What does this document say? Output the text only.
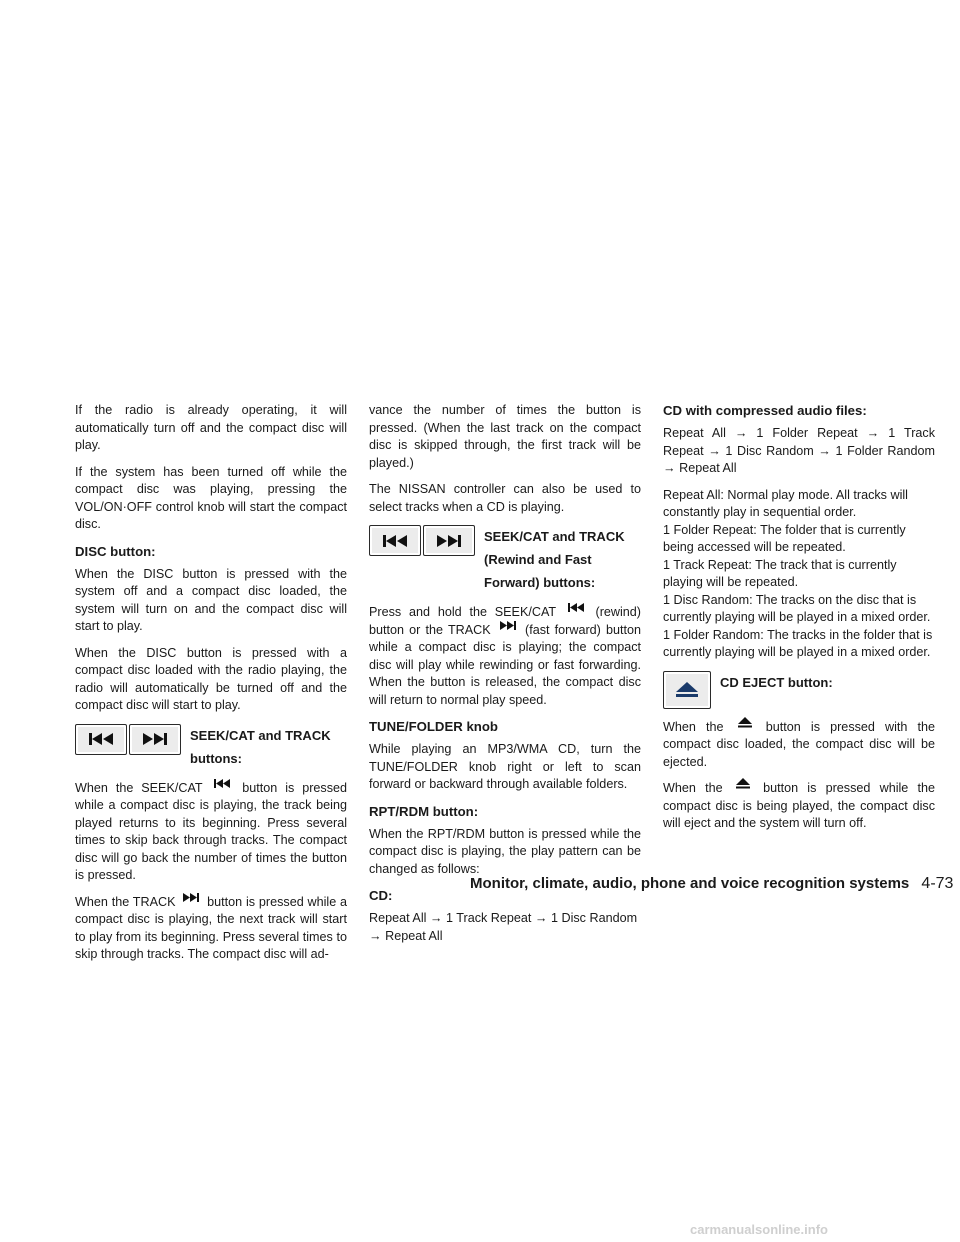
If the radio is already operating, it will automatically turn off and the compact disc will play.

If the system has been turned off while the compact disc was playing, pressing the VOL/ON·OFF control knob will start the compact disc.

DISC button:

When the DISC button is pressed with the system off and a compact disc loaded, the system will turn on and the compact disc will start to play.

When the DISC button is pressed with a compact disc loaded with the radio playing, the radio will automatically be turned off and the compact disc will start to play.

SEEK/CAT and TRACK
buttons:

When the SEEK/CAT	button is pressed while a compact disc is playing, the track being played returns to its beginning. Press several times to skip back through tracks. The compact disc will go back the number of times the button is pressed.

When the TRACK	button is pressed while a compact disc is playing, the next track will start to play from its beginning. Press several times to skip through tracks. The compact disc will ad-

vance the number of times the button is pressed. (When the last track on the compact disc is skipped through, the first track will be played.)

The NISSAN controller can also be used to select tracks when a CD is playing.

SEEK/CAT and TRACK
(Rewind and Fast
Forward) buttons:

Press and hold the SEEK/CAT	(rewind) button or the TRACK	(fast forward) button while a compact disc is playing; the compact disc will play while rewinding or fast forwarding. When the button is released, the compact disc will return to normal play speed.

TUNE/FOLDER knob

While playing an MP3/WMA CD, turn the TUNE/FOLDER knob right or left to scan forward or backward through available folders.

RPT/RDM button:

When the RPT/RDM button is pressed while the compact disc is playing, the play pattern can be changed as follows:

CD:

Repeat All → 1 Track Repeat → 1 Disc Random → Repeat All

CD with compressed audio files:

Repeat All → 1 Folder Repeat → 1 Track Repeat → 1 Disc Random → 1 Folder Random → Repeat All

Repeat All: Normal play mode. All tracks will constantly play in sequential order.

1 Folder Repeat: The folder that is currently being accessed will be repeated.

1 Track Repeat: The track that is currently playing will be repeated.

1 Disc Random: The tracks on the disc that is currently playing will be played in a mixed order.

1 Folder Random: The tracks in the folder that is currently playing will be played in a mixed order.

CD EJECT button:

When the	button is pressed with the compact disc loaded, the compact disc will be ejected.

When the	button is pressed while the compact disc is being played, the compact disc will eject and the system will turn off.

Monitor, climate, audio, phone and voice recognition systems 4-73
carmanualsonline.info
